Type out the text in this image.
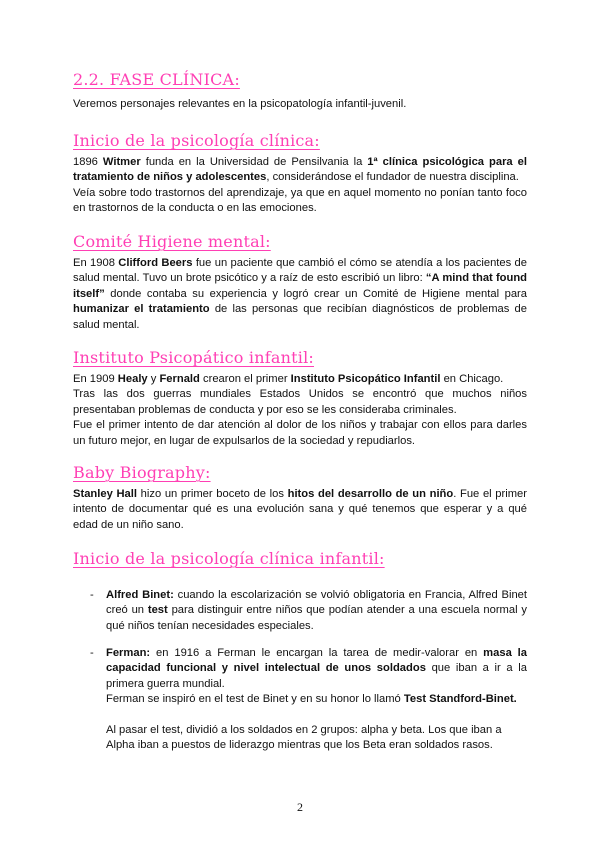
2.2. FASE CLÍNICA:
Veremos personajes relevantes en la psicopatología infantil-juvenil.
Inicio de la psicología clínica:
1896 Witmer funda en la Universidad de Pensilvania la 1ª clínica psicológica para el tratamiento de niños y adolescentes, considerándose el fundador de nuestra disciplina.
Veía sobre todo trastornos del aprendizaje, ya que en aquel momento no ponían tanto foco en trastornos de la conducta o en las emociones.
Comité Higiene mental:
En 1908 Clifford Beers fue un paciente que cambió el cómo se atendía a los pacientes de salud mental. Tuvo un brote psicótico y a raíz de esto escribió un libro: “A mind that found itself” donde contaba su experiencia y logró crear un Comité de Higiene mental para humanizar el tratamiento de las personas que recibían diagnósticos de problemas de salud mental.
Instituto Psicopático infantil:
En 1909 Healy y Fernald crearon el primer Instituto Psicopático Infantil en Chicago.
Tras las dos guerras mundiales Estados Unidos se encontró que muchos niños presentaban problemas de conducta y por eso se les consideraba criminales.
Fue el primer intento de dar atención al dolor de los niños y trabajar con ellos para darles un futuro mejor, en lugar de expulsarlos de la sociedad y repudiarlos.
Baby Biography:
Stanley Hall hizo un primer boceto de los hitos del desarrollo de un niño. Fue el primer intento de documentar qué es una evolución sana y qué tenemos que esperar y a qué edad de un niño sano.
Inicio de la psicología clínica infantil:
- Alfred Binet: cuando la escolarización se volvió obligatoria en Francia, Alfred Binet creó un test para distinguir entre niños que podían atender a una escuela normal y qué niños tenían necesidades especiales.
- Ferman: en 1916 a Ferman le encargan la tarea de medir-valorar en masa la capacidad funcional y nivel intelectual de unos soldados que iban a ir a la primera guerra mundial.
Ferman se inspiró en el test de Binet y en su honor lo llamó Test Standford-Binet.
Al pasar el test, dividió a los soldados en 2 grupos: alpha y beta. Los que iban a Alpha iban a puestos de liderazgo mientras que los Beta eran soldados rasos.
2
